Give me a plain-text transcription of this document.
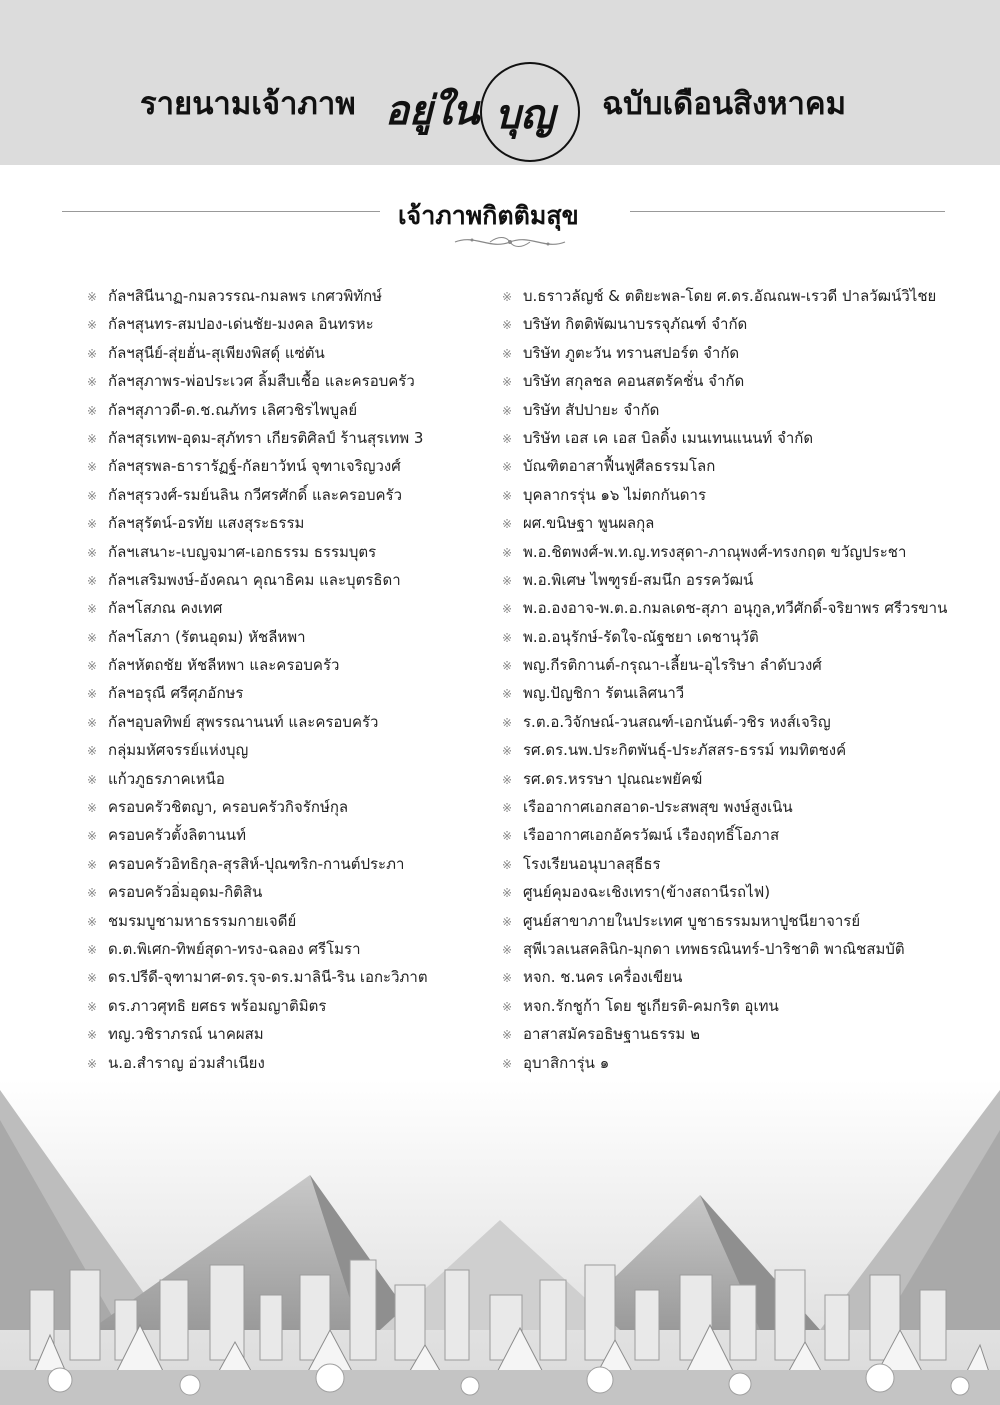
รายนามเจ้าภาพ อยู่ใน บุญ ฉบับเดือนสิงหาคม
เจ้าภาพกิตติมสุข
※ กัลฯสินีนาฏ-กมลวรรณ-กมลพร เกศวพิทักษ์
※ กัลฯสุนทร-สมปอง-เด่นชัย-มงคล อินทรหะ
※ กัลฯสุนีย์-สุ่ยฮั่น-สุเพียงพิสดุ์ แซ่ตัน
※ กัลฯสุภาพร-พ่อประเวศ ลิ้มสืบเชื้อ และครอบครัว
※ กัลฯสุภาวดี-ด.ช.ณภัทร เลิศวชิรไพบูลย์
※ กัลฯสุรเทพ-อุดม-สุภัทรา เกียรติศิลป์ ร้านสุรเทพ 3
※ กัลฯสุรพล-ธารารัฏฐ์-กัลยาวัทน์ จุฑาเจริญวงศ์
※ กัลฯสุรวงศ์-รมย์นลิน กวีศรศักดิ์ และครอบครัว
※ กัลฯสุรัตน์-อรทัย แสงสุระธรรม
※ กัลฯเสนาะ-เบญจมาศ-เอกธรรม ธรรมบุตร
※ กัลฯเสริมพงษ์-อังคณา คุณาธิคม และบุตรธิดา
※ กัลฯโสภณ คงเทศ
※ กัลฯโสภา (รัตนอุดม) หัชลีหพา
※ กัลฯหัตถชัย หัชลีหพา และครอบครัว
※ กัลฯอรุณี ศรีศุภอักษร
※ กัลฯอุบลทิพย์ สุพรรณานนท์ และครอบครัว
※ กลุ่มมหัศจรรย์แห่งบุญ
※ แก้วภูธรภาคเหนือ
※ ครอบครัวชิตญา, ครอบครัวกิจรักษ์กุล
※ ครอบครัวตั้งลิตานนท์
※ ครอบครัวอิทธิกุล-สุรสิห์-ปุณฑริก-กานต์ประภา
※ ครอบครัวอิ่มอุดม-กิติสิน
※ ชมรมบูชามหาธรรมกายเจดีย์
※ ด.ต.พิเศก-ทิพย์สุดา-ทรง-ฉลอง ศรีโมรา
※ ดร.ปรีดี-จุฑามาศ-ดร.รุจ-ดร.มาลินี-ริน เอกะวิภาต
※ ดร.ภาวศุทธิ ยศธร พร้อมญาติมิตร
※ ทญ.วชิราภรณ์ นาคผสม
※ น.อ.สำราญ อ่วมสำเนียง
※ บ.ธราวลัญช์ & ตติยะพล-โดย ศ.ดร.อัณณพ-เรวดี ปาลวัฒน์วิไชย
※ บริษัท กิตติพัฒนาบรรจุภัณฑ์ จำกัด
※ บริษัท ภูตะวัน ทรานสปอร์ต จำกัด
※ บริษัท สกุลชล คอนสตรัคชั่น จำกัด
※ บริษัท สัปปายะ จำกัด
※ บริษัท เอส เค เอส บิลดิ้ง เมนเทนแนนท์ จำกัด
※ บัณฑิตอาสาฟื้นฟูศีลธรรมโลก
※ บุคลากรรุ่น ๑๖ ไม่ตกกันดาร
※ ผศ.ขนิษฐา พูนผลกุล
※ พ.อ.ชิตพงศ์-พ.ท.ญ.ทรงสุดา-ภาณุพงศ์-ทรงกฤต ขวัญประชา
※ พ.อ.พิเศษ ไพฑูรย์-สมนึก อรรควัฒน์
※ พ.อ.องอาจ-พ.ต.อ.กมลเดช-สุภา อนุกูล,ทวีศักดิ์-จริยาพร ศรีวรขาน
※ พ.อ.อนุรักษ์-รัดใจ-ณัฐชยา เดชานุวัติ
※ พญ.กีรติกานต์-กรุณา-เลี้ยน-อุไรริษา ลำดับวงศ์
※ พญ.ปัญชิกา รัตนเลิศนาวี
※ ร.ต.อ.วิจักษณ์-วนสณฑ์-เอกนันต์-วชิร หงส์เจริญ
※ รศ.ดร.นพ.ประกิตพันธุ์-ประภัสสร-ธรรม์ ทมทิตชงค์
※ รศ.ดร.หรรษา ปุณณะพยัคฆ์
※ เรืออากาศเอกสอาด-ประสพสุข พงษ์สูงเนิน
※ เรืออากาศเอกอัครวัฒน์ เรืองฤทธิ์โอภาส
※ โรงเรียนอนุบาลสุธีธร
※ ศูนย์คุมองฉะเชิงเทรา(ข้างสถานีรถไฟ)
※ ศูนย์สาขาภายในประเทศ บูชาธรรมมหาปูชนียาจารย์
※ สุพีเวลเนสคลินิก-มุกดา เทพธรณินทร์-ปาริชาติ พาณิชสมบัติ
※ หจก. ช.นคร เครื่องเขียน
※ หจก.รักชูก้า โดย ชูเกียรติ-คมกริต อุเทน
※ อาสาสมัครอธิษฐานธรรม ๒
※ อุบาสิการุ่น ๑
